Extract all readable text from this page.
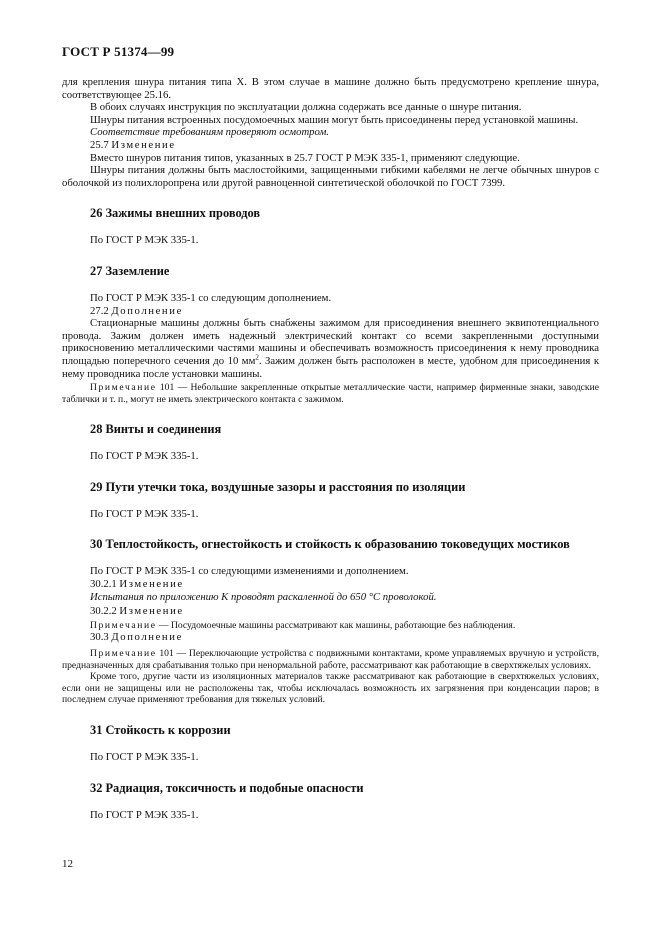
ГОСТ Р 51374—99

для крепления шнура питания типа X. В этом случае в машине должно быть предусмотрено крепление шнура, соответствующее 25.16.

В обоих случаях инструкция по эксплуатации должна содержать все данные о шнуре питания.

Шнуры питания встроенных посудомоечных машин могут быть присоединены перед установкой машины.

Соответствие требованиям проверяют осмотром.

25.7 Изменение

Вместо шнуров питания типов, указанных в 25.7 ГОСТ Р МЭК 335-1, применяют следующие.

Шнуры питания должны быть маслостойкими, защищенными гибкими кабелями не легче обычных шнуров с оболочкой из полихлоропрена или другой равноценной синтетической оболочкой по ГОСТ 7399.

26 Зажимы внешних проводов

По ГОСТ Р МЭК 335-1.

27 Заземление

По ГОСТ Р МЭК 335-1 со следующим дополнением.

27.2 Дополнение

Стационарные машины должны быть снабжены зажимом для присоединения внешнего эквипотенциального провода. Зажим должен иметь надежный электрический контакт со всеми закрепленными доступными прикосновению металлическими частями машины и обеспечивать возможность присоединения к нему проводника площадью поперечного сечения до 10 $мм^2$. Зажим должен быть расположен в месте, удобном для присоединения к нему проводника после установки машины.

Примечание 101 — Небольшие закрепленные открытые металлические части, например фирменные знаки, заводские таблички и т. п., могут не иметь электрического контакта с зажимом.

28 Винты и соединения

По ГОСТ Р МЭК 335-1.

29 Пути утечки тока, воздушные зазоры и расстояния по изоляции

По ГОСТ Р МЭК 335-1.

30 Теплостойкость, огнестойкость и стойкость к образованию токоведущих мостиков

По ГОСТ Р МЭК 335-1 со следующими изменениями и дополнением.

30.2.1 Изменение

Испытания по приложению К проводят раскаленной до 650 °С проволокой.

30.2.2 Изменение

Примечание — Посудомоечные машины рассматривают как машины, работающие без наблюдения.

30.3 Дополнение

Примечание 101 — Переключающие устройства с подвижными контактами, кроме управляемых вручную и устройств, предназначенных для срабатывания только при ненормальной работе, рассматривают как работающие в сверхтяжелых условиях.

Кроме того, другие части из изоляционных материалов также рассматривают как работающие в сверхтяжелых условиях, если они не защищены или не расположены так, чтобы исключалась возможность их загрязнения при конденсации паров; в последнем случае применяют требования для тяжелых условий.

31 Стойкость к коррозии

По ГОСТ Р МЭК 335-1.

32 Радиация, токсичность и подобные опасности

По ГОСТ Р МЭК 335-1.

12
